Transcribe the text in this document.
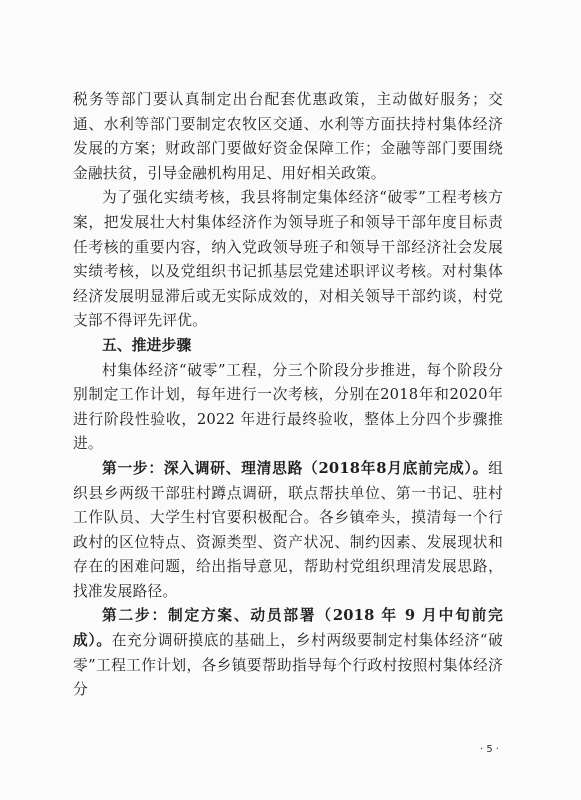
税务等部门要认真制定出台配套优惠政策，主动做好服务；交通、水利等部门要制定农牧区交通、水利等方面扶持村集体经济发展的方案；财政部门要做好资金保障工作；金融等部门要围绕金融扶贫，引导金融机构用足、用好相关政策。

为了强化实绩考核，我县将制定集体经济“破零”工程考核方案，把发展壮大村集体经济作为领导班子和领导干部年度目标责任考核的重要内容，纳入党政领导班子和领导干部经济社会发展实绩考核，以及党组织书记抓基层党建述职评议考核。对村集体经济发展明显滞后或无实际成效的，对相关领导干部约谈，村党支部不得评先评优。

五、推进步骤

村集体经济“破零”工程，分三个阶段分步推进，每个阶段分别制定工作计划，每年进行一次考核，分别在2018年和2020年进行阶段性验收，2022 年进行最终验收，整体上分四个步骤推进。

第一步：深入调研、理清思路（2018年8月底前完成）。组织县乡两级干部驻村蹲点调研，联点帮扶单位、第一书记、驻村工作队员、大学生村官要积极配合。各乡镇牵头，摸清每一个行政村的区位特点、资源类型、资产状况、制约因素、发展现状和存在的困难问题，给出指导意见，帮助村党组织理清发展思路，找准发展路径。

第二步：制定方案、动员部署（2018 年 9 月中旬前完成）。在充分调研摸底的基础上，乡村两级要制定村集体经济“破零”工程工作计划，各乡镇要帮助指导每个行政村按照村集体经济分

· 5 ·
